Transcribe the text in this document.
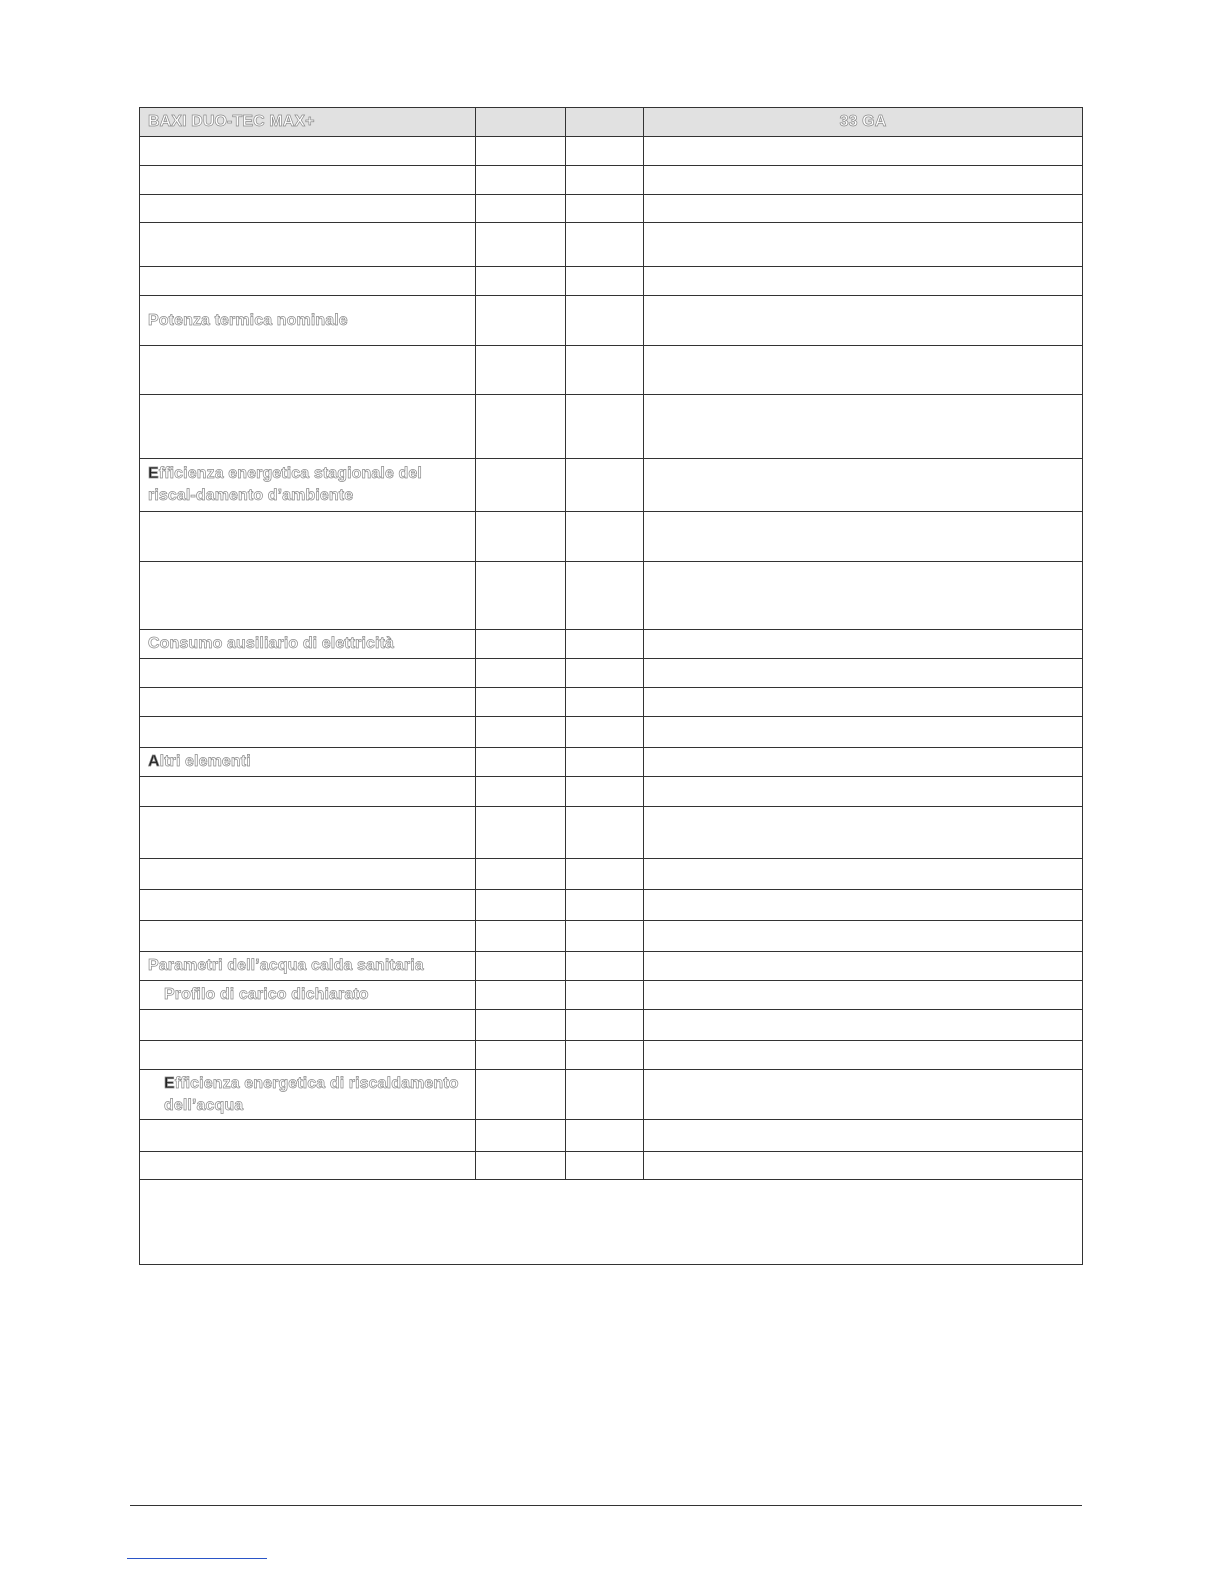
BAXI DUO-TEC MAX+			33 GA

Potenza termica nominale			

Efficienza energetica stagionale del riscal-damento d’ambiente			

Consumo ausiliario di elettricità			

Altri elementi			

Parametri dell’acqua calda sanitaria			
Profilo di carico dichiarato			

Efficienza energetica di riscaldamento dell’acqua			
